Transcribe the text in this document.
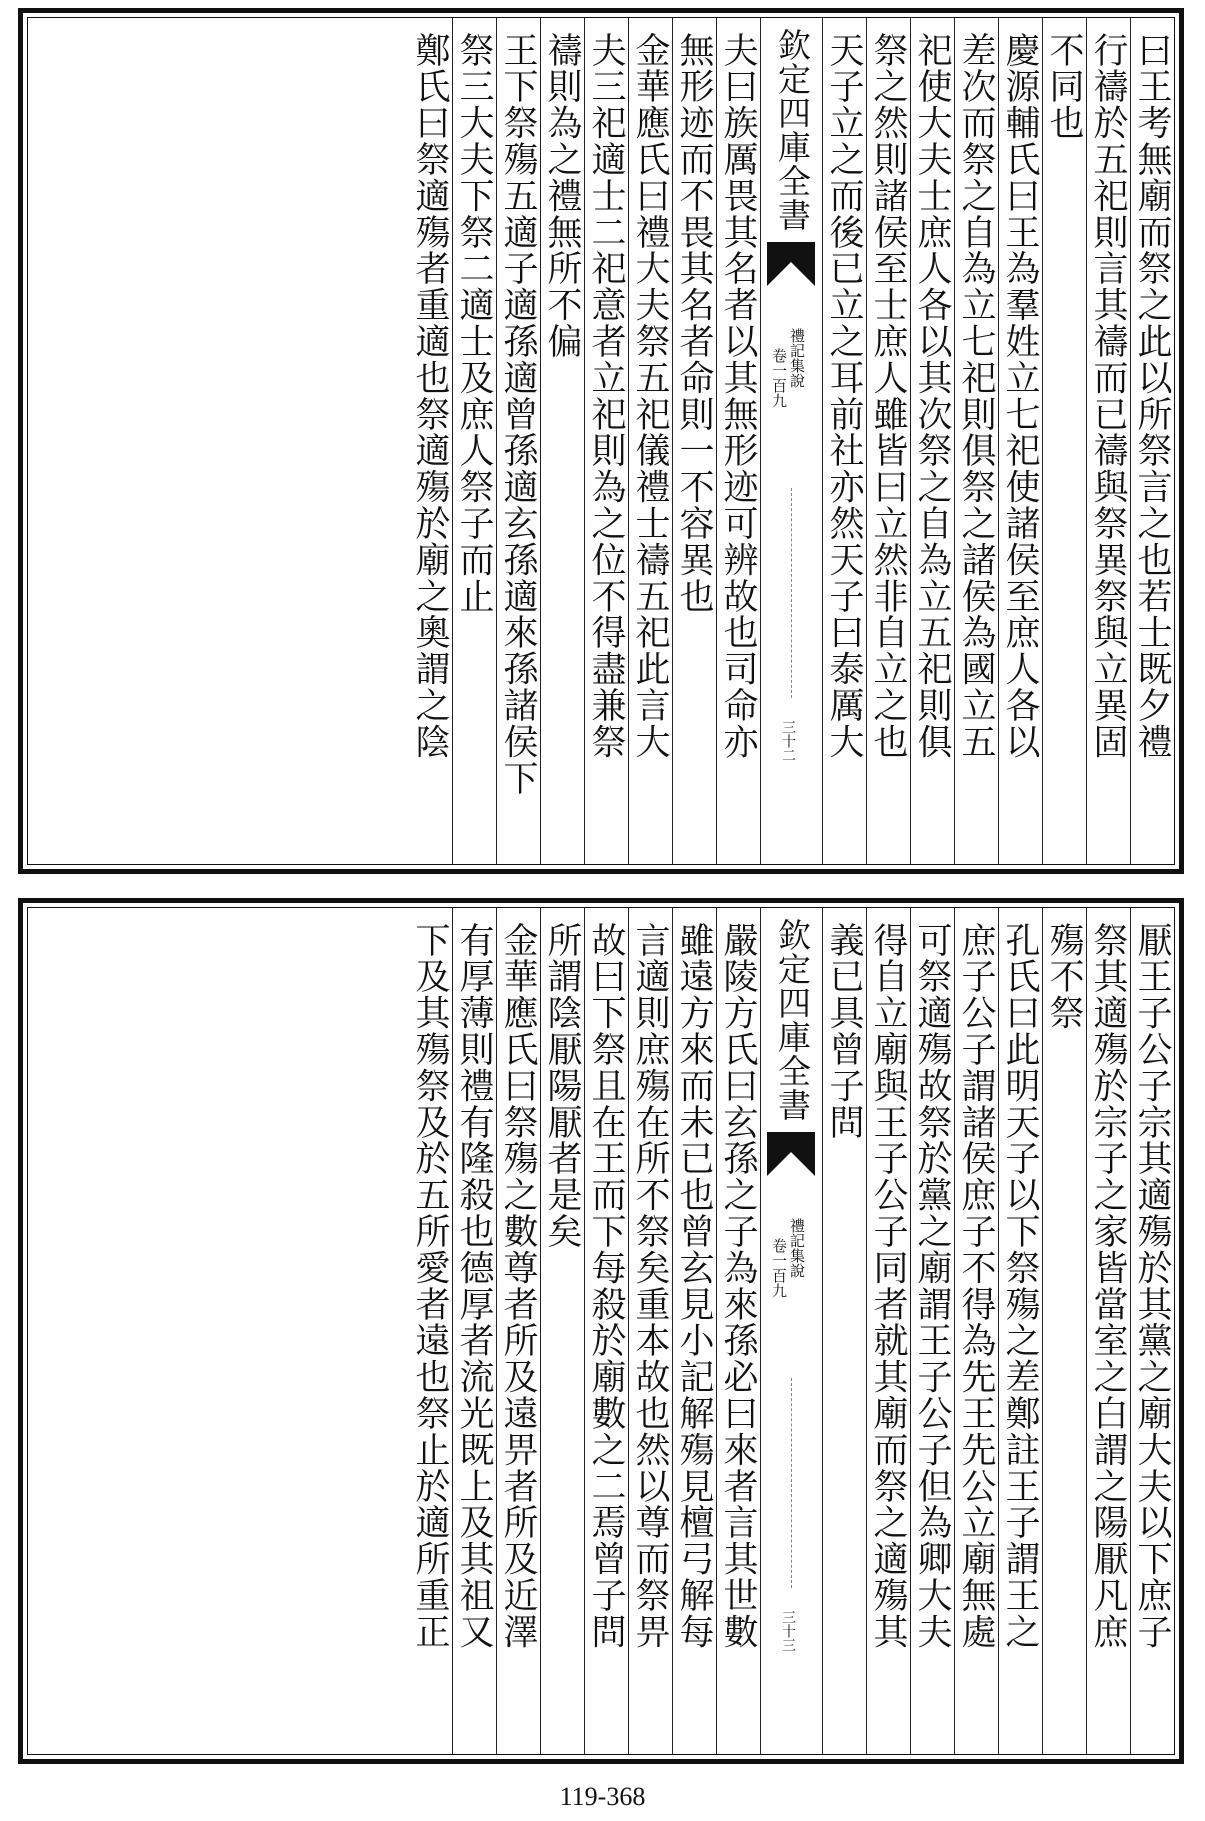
曰王考無廟而祭之此以所祭言之也若士既夕禮
行禱於五祀則言其禱而已禱與祭異祭與立異固
不同也
慶源輔氏曰王為羣姓立七祀使諸侯至庶人各以
差次而祭之自為立七祀則俱祭之諸侯為國立五
祀使大夫士庶人各以其次祭之自為立五祀則俱
祭之然則諸侯至士庶人雖皆曰立然非自立之也
天子立之而後已立之耳前社亦然天子曰泰厲大
欽定四庫全書
禮記集說
卷一百九
三十二
夫曰族厲畏其名者以其無形迹可辨故也司命亦
無形迹而不畏其名者命則一不容異也
金華應氏曰禮大夫祭五祀儀禮士禱五祀此言大
夫三祀適士二祀意者立祀則為之位不得盡兼祭
禱則為之禮無所不偏
王下祭殤五適子適孫適曾孫適玄孫適來孫諸侯下
祭三大夫下祭二適士及庶人祭子而止
鄭氏曰祭適殤者重適也祭適殤於廟之奧謂之陰
厭王子公子宗其適殤於其黨之廟大夫以下庶子
祭其適殤於宗子之家皆當室之白謂之陽厭凡庶
殤不祭
孔氏曰此明天子以下祭殤之差鄭註王子謂王之
庶子公子謂諸侯庶子不得為先王先公立廟無處
可祭適殤故祭於黨之廟謂王子公子但為卿大夫
得自立廟與王子公子同者就其廟而祭之適殤其
義已具曾子問
欽定四庫全書
禮記集說
卷一百九
三十三
嚴陵方氏曰玄孫之子為來孫必曰來者言其世數
雖遠方來而未已也曾玄見小記解殤見檀弓解每
言適則庶殤在所不祭矣重本故也然以尊而祭畀
故曰下祭且在王而下每殺於廟數之二焉曾子問
所謂陰厭陽厭者是矣
金華應氏曰祭殤之數尊者所及遠畀者所及近澤
有厚薄則禮有隆殺也德厚者流光既上及其祖又
下及其殤祭及於五所愛者遠也祭止於適所重正
119-368
